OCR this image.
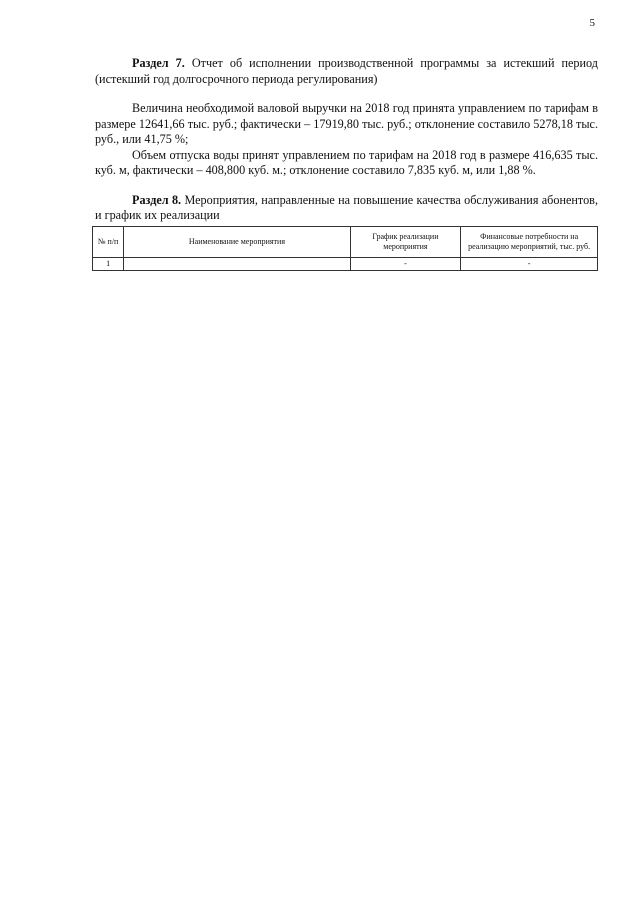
5

Раздел 7. Отчет об исполнении производственной программы за истекший период (истекший год долгосрочного периода регулирования)

Величина необходимой валовой выручки на 2018 год принята управлением по тарифам в размере 12641,66 тыс. руб.; фактически – 17919,80 тыс. руб.; отклонение составило 5278,18 тыс. руб., или 41,75 %;

Объем отпуска воды принят управлением по тарифам на 2018 год в размере 416,635 тыс. куб. м, фактически – 408,800 куб. м.; отклонение составило 7,835 куб. м, или 1,88 %.

Раздел 8. Мероприятия, направленные на повышение качества обслуживания абонентов, и график их реализации

№ п/п	Наименование мероприятия	График реализации мероприятия	Финансовые потребности на реализацию мероприятий, тыс. руб.
1		-	-
